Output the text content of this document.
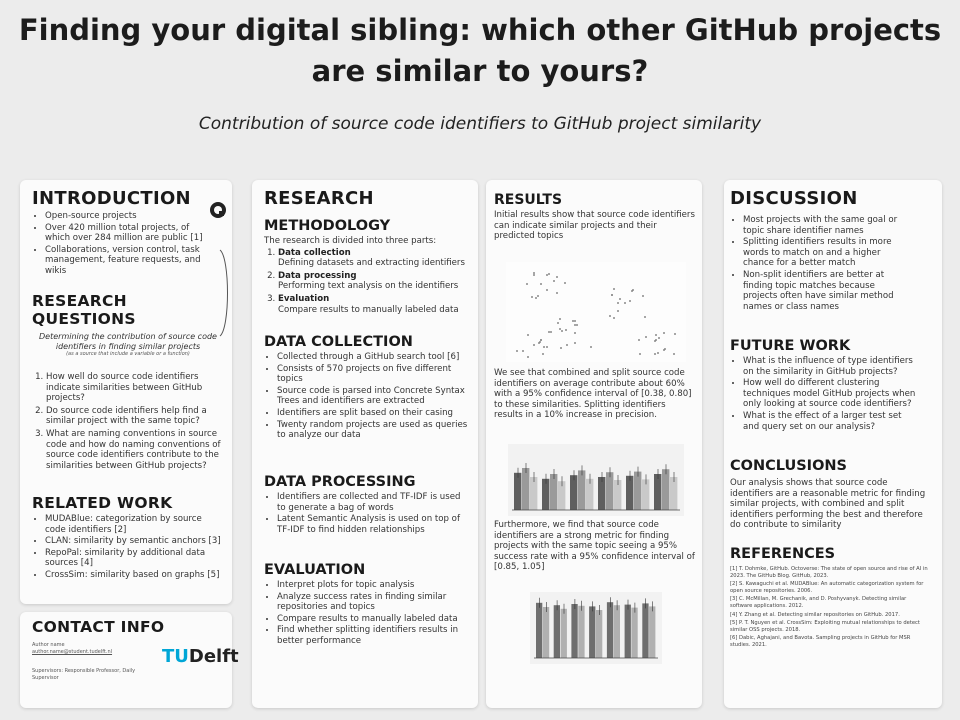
Finding your digital sibling: which other GitHub projects
are similar to yours?
Contribution of source code identifiers to GitHub project similarity
INTRODUCTION
• Open-source projects
• Over 420 million total projects, of which over 284 million are public [1]
• Collaborations, version control, task management, feature requests, and wikis
RESEARCH QUESTIONS

Determining the contribution of source code identifiers in finding similar projects

(as a source that include a variable or a function)

1. How well do source code identifiers indicate similarities between GitHub projects?
2. Do source code identifiers help find a similar project with the same topic?
3. What are naming conventions in source code and how do naming conventions of source code identifiers contribute to the similarities between GitHub projects?
RELATED WORK
• MUDABlue: categorization by source code identifiers [2]
• CLAN: similarity by semantic anchors [3]
• RepoPal: similarity by additional data sources [4]
• CrossSim: similarity based on graphs [5]
CONTACT INFO

Author name

author.name@student.tudelft.nl

Supervisors: Responsible Professor, Daily Supervisor

TUDelft
RESEARCH
METHODOLOGY

The research is divided into three parts:

1. Data collection
Defining datasets and extracting identifiers
2. Data processing
Performing text analysis on the identifiers
3. Evaluation
Compare results to manually labeled data
DATA COLLECTION
• Collected through a GitHub search tool [6]
• Consists of 570 projects on five different topics
• Source code is parsed into Concrete Syntax Trees and identifiers are extracted
• Identifiers are split based on their casing
• Twenty random projects are used as queries to analyze our data
DATA PROCESSING
• Identifiers are collected and TF-IDF is used to generate a bag of words
• Latent Semantic Analysis is used on top of TF-IDF to find hidden relationships
EVALUATION
• Interpret plots for topic analysis
• Analyze success rates in finding similar repositories and topics
• Compare results to manually labeled data
• Find whether splitting identifiers results in better performance
RESULTS

Initial results show that source code identifiers can indicate similar projects and their predicted topics

We see that combined and split source code identifiers on average contribute about 60% with a 95% confidence interval of [0.38, 0.80] to these similarities. Splitting identifiers results in a 10% increase in precision.

Furthermore, we find that source code identifiers are a strong metric for finding projects with the same topic seeing a 95% success rate with a 95% confidence interval of [0.85, 1.05]

DISCUSSION
• Most projects with the same goal or topic share identifier names
• Splitting identifiers results in more words to match on and a higher chance for a better match
• Non-split identifiers are better at finding topic matches because projects often have similar method names or class names
FUTURE WORK
• What is the influence of type identifiers on the similarity in GitHub projects?
• How well do different clustering techniques model GitHub projects when only looking at source code identifiers?
• What is the effect of a larger test set and query set on our analysis?
CONCLUSIONS

Our analysis shows that source code identifiers are a reasonable metric for finding similar projects, with combined and split identifiers performing the best and therefore do contribute to similarity

REFERENCES
[1] T. Dohmke, GitHub. Octoverse: The state of open source and rise of AI in 2023. The GitHub Blog. GitHub, 2023.
[2] S. Kawaguchi et al. MUDABlue: An automatic categorization system for open source repositories. 2006.
[3] C. McMillan, M. Grechanik, and D. Poshyvanyk. Detecting similar software applications. 2012.
[4] Y. Zhang et al. Detecting similar repositories on GitHub. 2017.
[5] P. T. Nguyen et al. CrossSim: Exploiting mutual relationships to detect similar OSS projects. 2018.
[6] Dabic, Aghajani, and Bavota. Sampling projects in GitHub for MSR studies. 2021.
